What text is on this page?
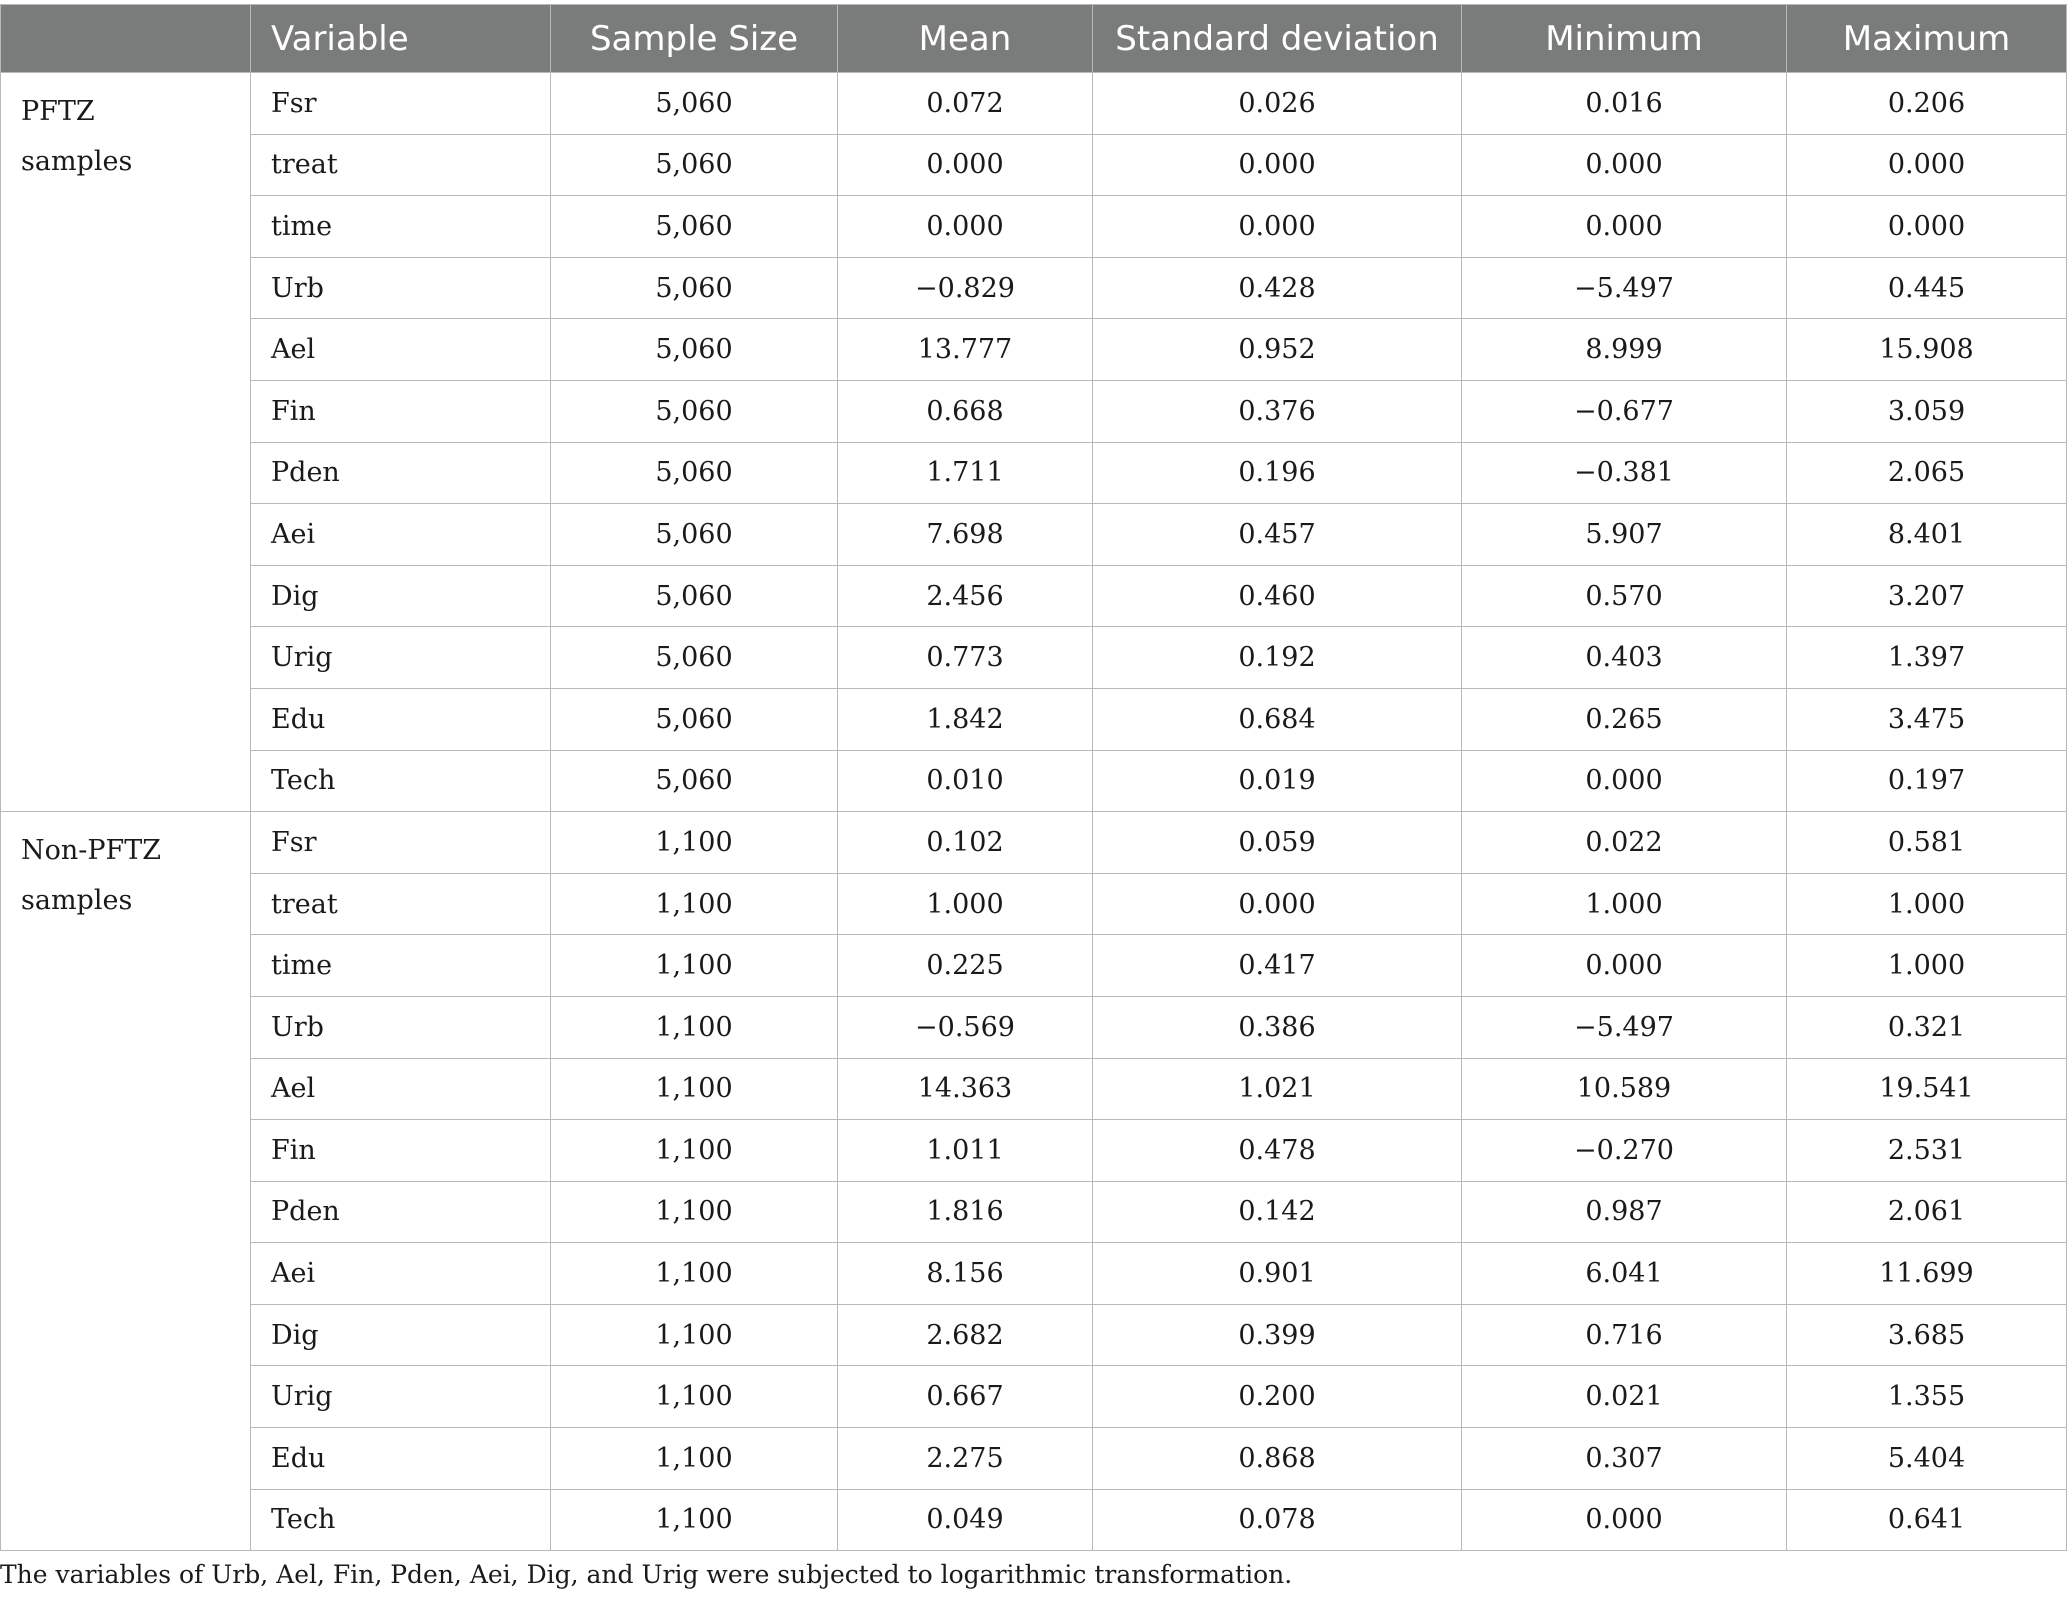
	Variable	Sample Size	Mean	Standard deviation	Minimum	Maximum
PFTZ samples	Fsr	5,060	0.072	0.026	0.016	0.206
	treat	5,060	0.000	0.000	0.000	0.000
	time	5,060	0.000	0.000	0.000	0.000
	Urb	5,060	−0.829	0.428	−5.497	0.445
	Ael	5,060	13.777	0.952	8.999	15.908
	Fin	5,060	0.668	0.376	−0.677	3.059
	Pden	5,060	1.711	0.196	−0.381	2.065
	Aei	5,060	7.698	0.457	5.907	8.401
	Dig	5,060	2.456	0.460	0.570	3.207
	Urig	5,060	0.773	0.192	0.403	1.397
	Edu	5,060	1.842	0.684	0.265	3.475
	Tech	5,060	0.010	0.019	0.000	0.197
Non-PFTZ samples	Fsr	1,100	0.102	0.059	0.022	0.581
	treat	1,100	1.000	0.000	1.000	1.000
	time	1,100	0.225	0.417	0.000	1.000
	Urb	1,100	−0.569	0.386	−5.497	0.321
	Ael	1,100	14.363	1.021	10.589	19.541
	Fin	1,100	1.011	0.478	−0.270	2.531
	Pden	1,100	1.816	0.142	0.987	2.061
	Aei	1,100	8.156	0.901	6.041	11.699
	Dig	1,100	2.682	0.399	0.716	3.685
	Urig	1,100	0.667	0.200	0.021	1.355
	Edu	1,100	2.275	0.868	0.307	5.404
	Tech	1,100	0.049	0.078	0.000	0.641
The variables of Urb, Ael, Fin, Pden, Aei, Dig, and Urig were subjected to logarithmic transformation.
